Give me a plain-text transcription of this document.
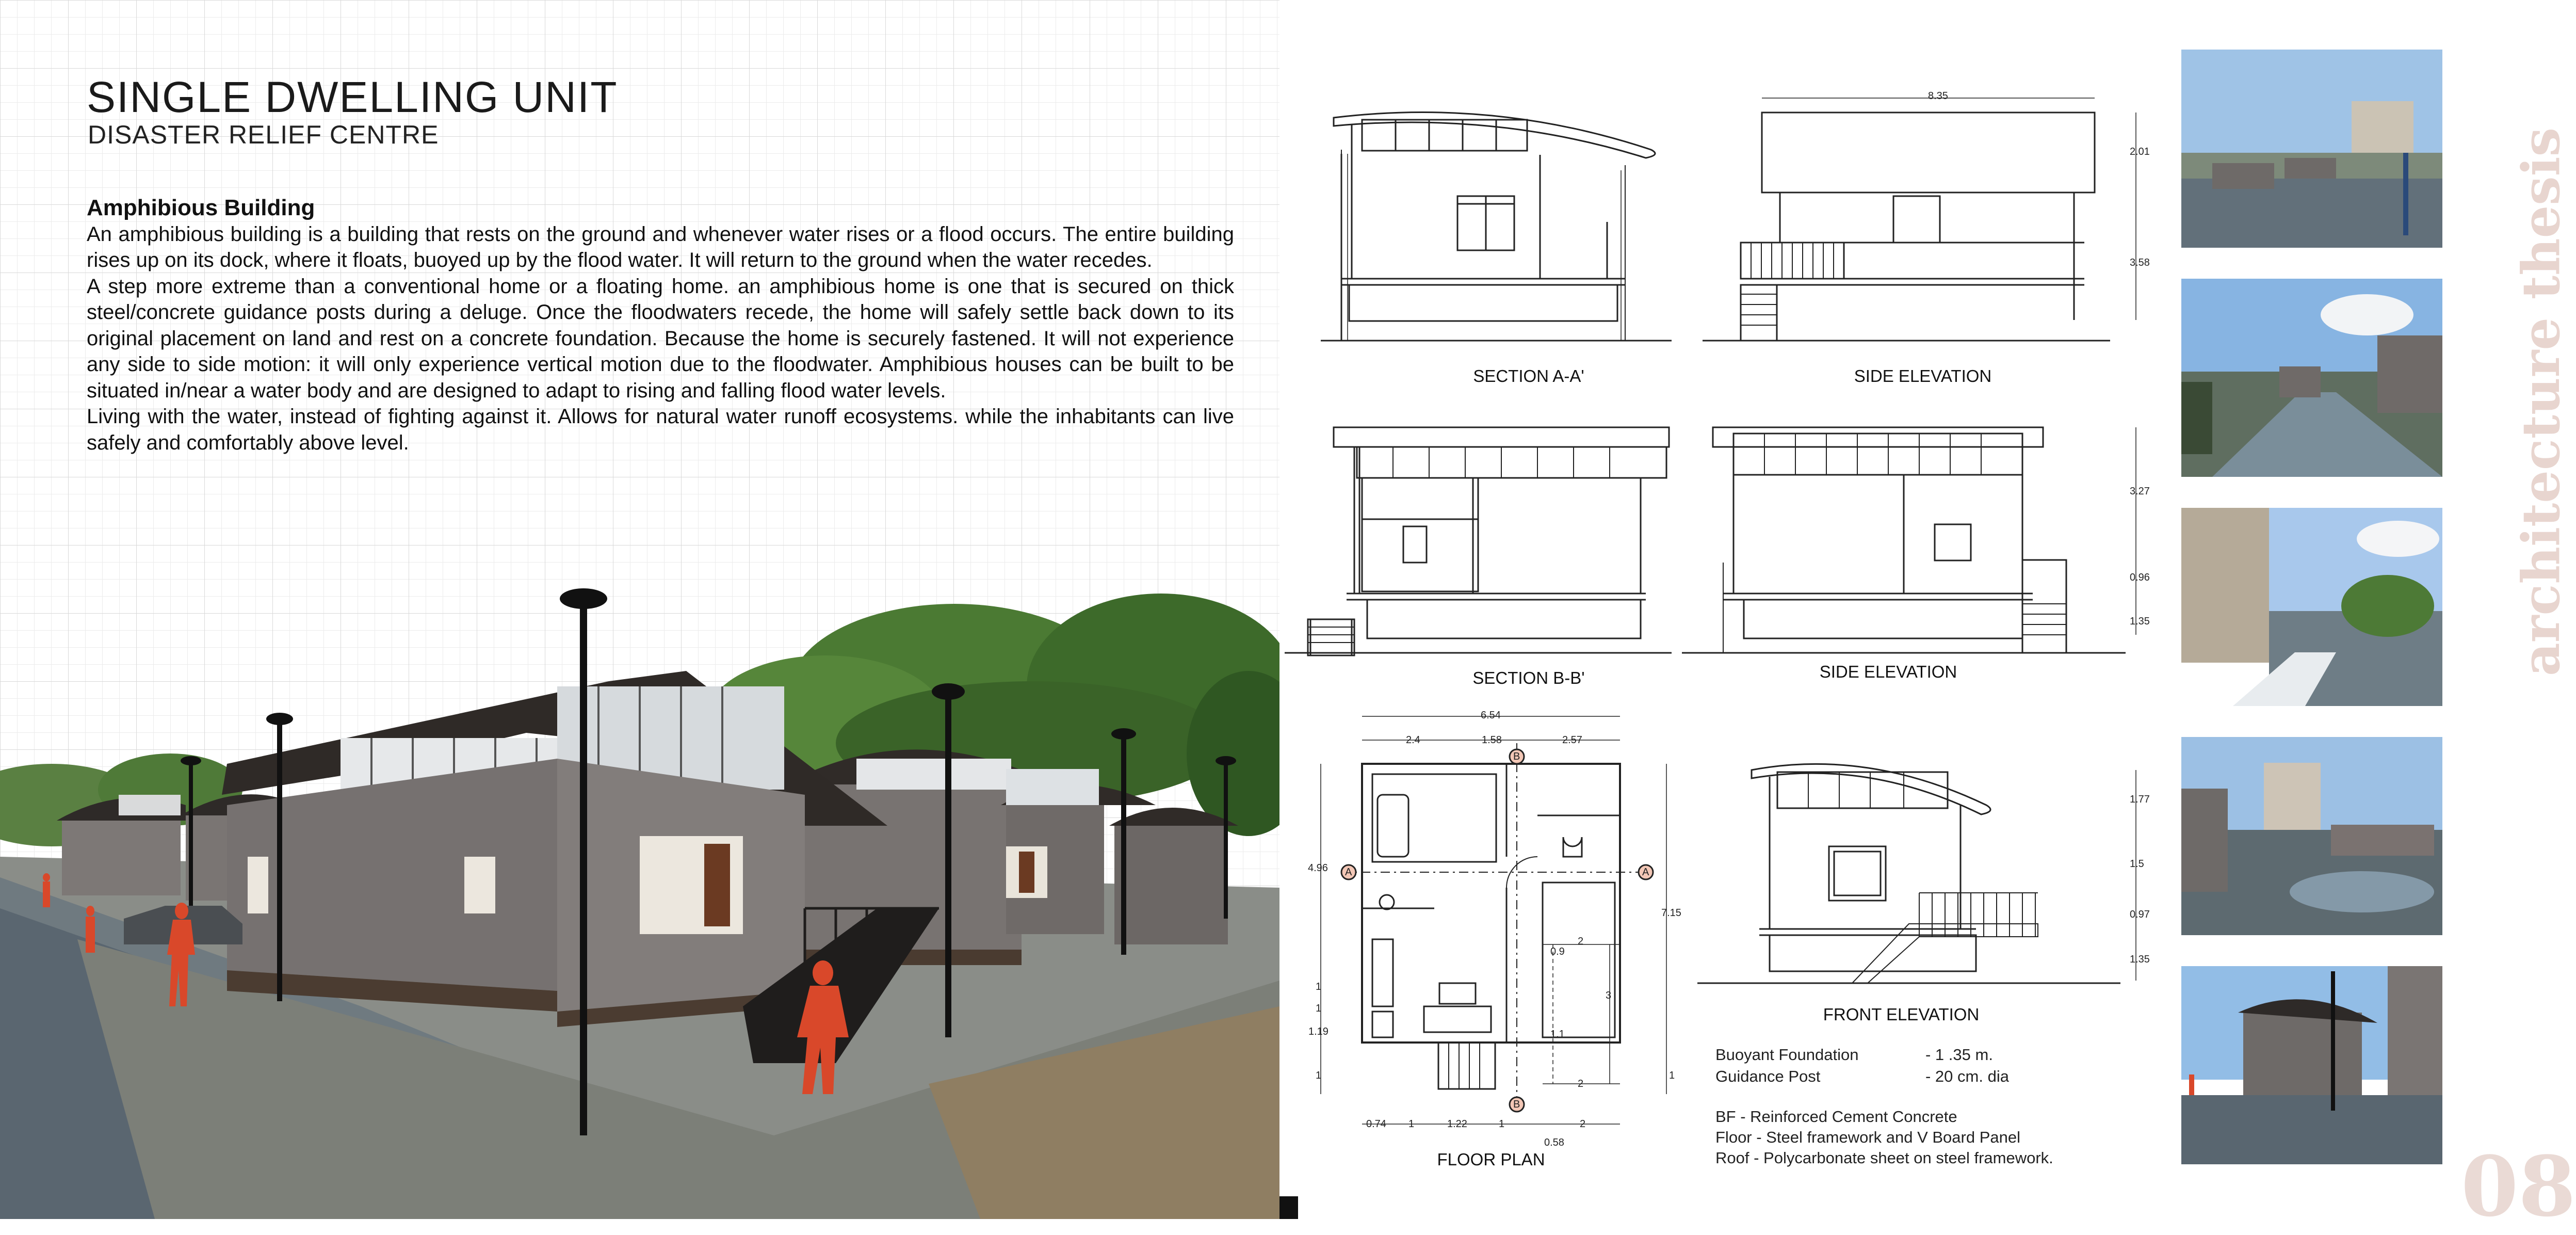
SINGLE DWELLING UNIT
DISASTER RELIEF CENTRE
Amphibious Building

An amphibious building is a building that rests on the ground and whenever water rises or a flood occurs. The entire building rises up on its dock, where it floats, buoyed up by the flood water. It will return to the ground when the water recedes.

A step more extreme than a conventional home or a floating home. an amphibious home is one that is secured on thick steel/concrete guidance posts during a deluge. Once the floodwaters recede, the home will safely settle back down to its original placement on land and rest on a concrete foundation. Because the home is securely fastened. It will not experience any side to side motion: it will only experience vertical motion due to the floodwater. Amphibious houses can be built to be situated in/near a water body and are designed to adapt to rising and falling flood water levels.

Living with the water, instead of fighting against it. Allows for natural water runoff ecosystems. while the inhabitants can live safely and comfortably above level.

8.35
2.01
3.58
3.27
0.96
1.35
6.54
2.4	1.58	2.57
4.96
7.15
1.19
1
1
1
0.9
1.1
2
2
3
1
0.74 1	1.22	1	2
0.58
1.77
1.5
0.97
1.35
B
B
A	A
SECTION A-A'	SIDE ELEVATION
SECTION B-B'	SIDE ELEVATION
FLOOR PLAN
FRONT ELEVATION
Buoyant Foundation	- 1 .35 m.
Guidance Post	- 20 cm. dia
BF - Reinforced Cement Concrete
Floor - Steel framework and V Board Panel
Roof - Polycarbonate sheet on steel framework.
architecture thesis
08
